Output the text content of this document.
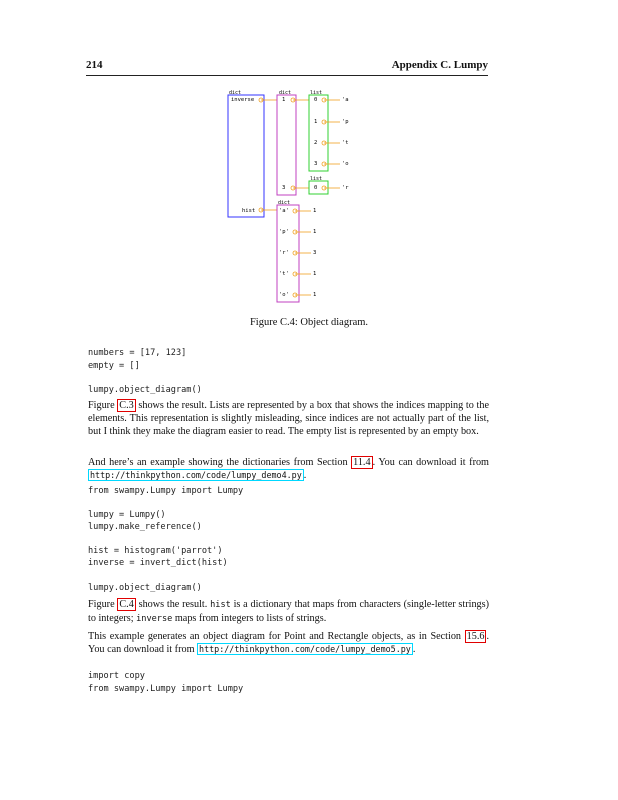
214	Appendix C. Lumpy
dict	dict	list
list
dict
inverse
hist
1
3
0	'a
1	'p
2	't
3	'o
0	'r
'a'	1
'p'	1
'r'	3
't'	1
'o'	1
Figure C.4: Object diagram.
numbers = [17, 123]
empty = []
lumpy.object_diagram()
Figure C.3 shows the result. Lists are represented by a box that shows the indices mapping to the elements. This representation is slightly misleading, since indices are not actually part of the list, but I think they make the diagram easier to read. The empty list is represented by an empty box.
And here’s an example showing the dictionaries from Section 11.4 . You can download it from http://thinkpython.com/code/lumpy_demo4.py .
from swampy.Lumpy import Lumpy
lumpy = Lumpy()
lumpy.make_reference()
hist = histogram('parrot')
inverse = invert_dict(hist)
lumpy.object_diagram()
Figure C.4 shows the result. hist is a dictionary that maps from characters (single-letter strings) to integers; inverse maps from integers to lists of strings.
This example generates an object diagram for Point and Rectangle objects, as in Section 15.6 . You can download it from http://thinkpython.com/code/lumpy_demo5.py .
import copy
from swampy.Lumpy import Lumpy
